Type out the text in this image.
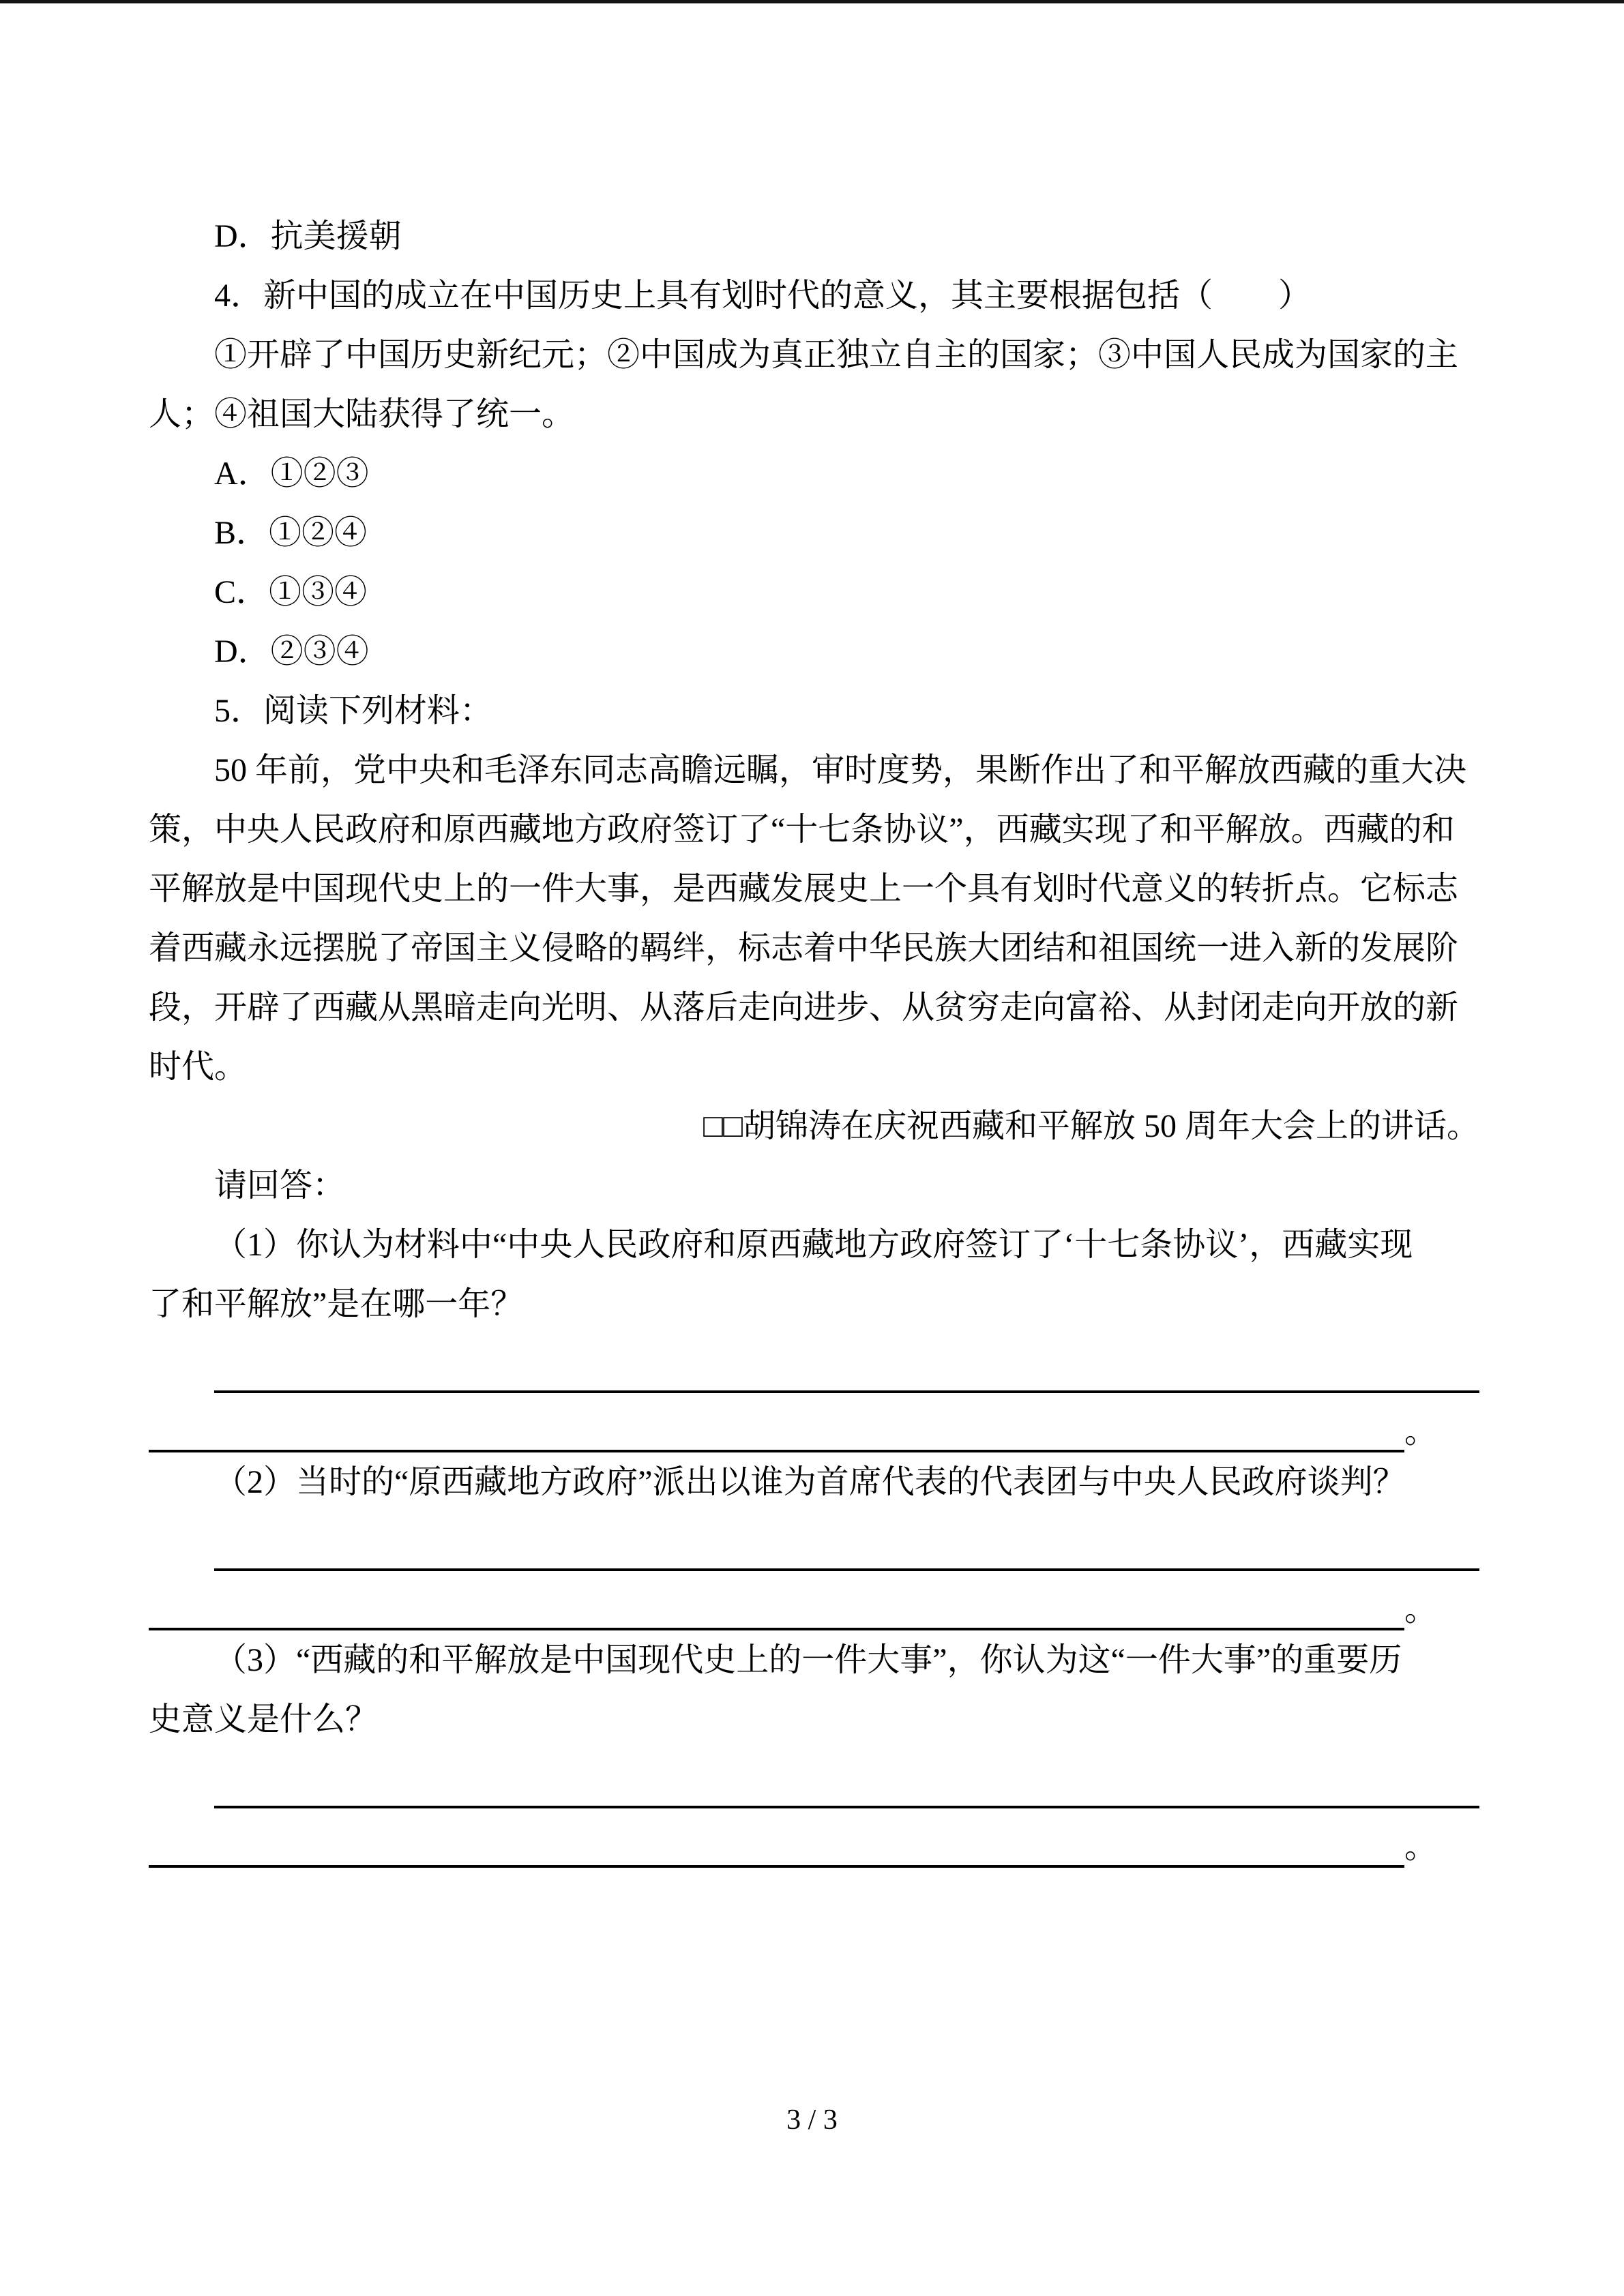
D．抗美援朝
4．新中国的成立在中国历史上具有划时代的意义，其主要根据包括（　　）
①开辟了中国历史新纪元；②中国成为真正独立自主的国家；③中国人民成为国家的主
人；④祖国大陆获得了统一。
A．①②③
B．①②④
C．①③④
D．②③④
5．阅读下列材料：
50 年前，党中央和毛泽东同志高瞻远瞩，审时度势，果断作出了和平解放西藏的重大决
策，中央人民政府和原西藏地方政府签订了“十七条协议”，西藏实现了和平解放。西藏的和
平解放是中国现代史上的一件大事，是西藏发展史上一个具有划时代意义的转折点。它标志
着西藏永远摆脱了帝国主义侵略的羁绊，标志着中华民族大团结和祖国统一进入新的发展阶
段，开辟了西藏从黑暗走向光明、从落后走向进步、从贫穷走向富裕、从封闭走向开放的新
时代。
□□胡锦涛在庆祝西藏和平解放 50 周年大会上的讲话。
请回答：
（1）你认为材料中“中央人民政府和原西藏地方政府签订了‘十七条协议’，西藏实现
了和平解放”是在哪一年？
。
（2）当时的“原西藏地方政府”派出以谁为首席代表的代表团与中央人民政府谈判？
。
（3）“西藏的和平解放是中国现代史上的一件大事”，你认为这“一件大事”的重要历
史意义是什么？
。
3 / 3
